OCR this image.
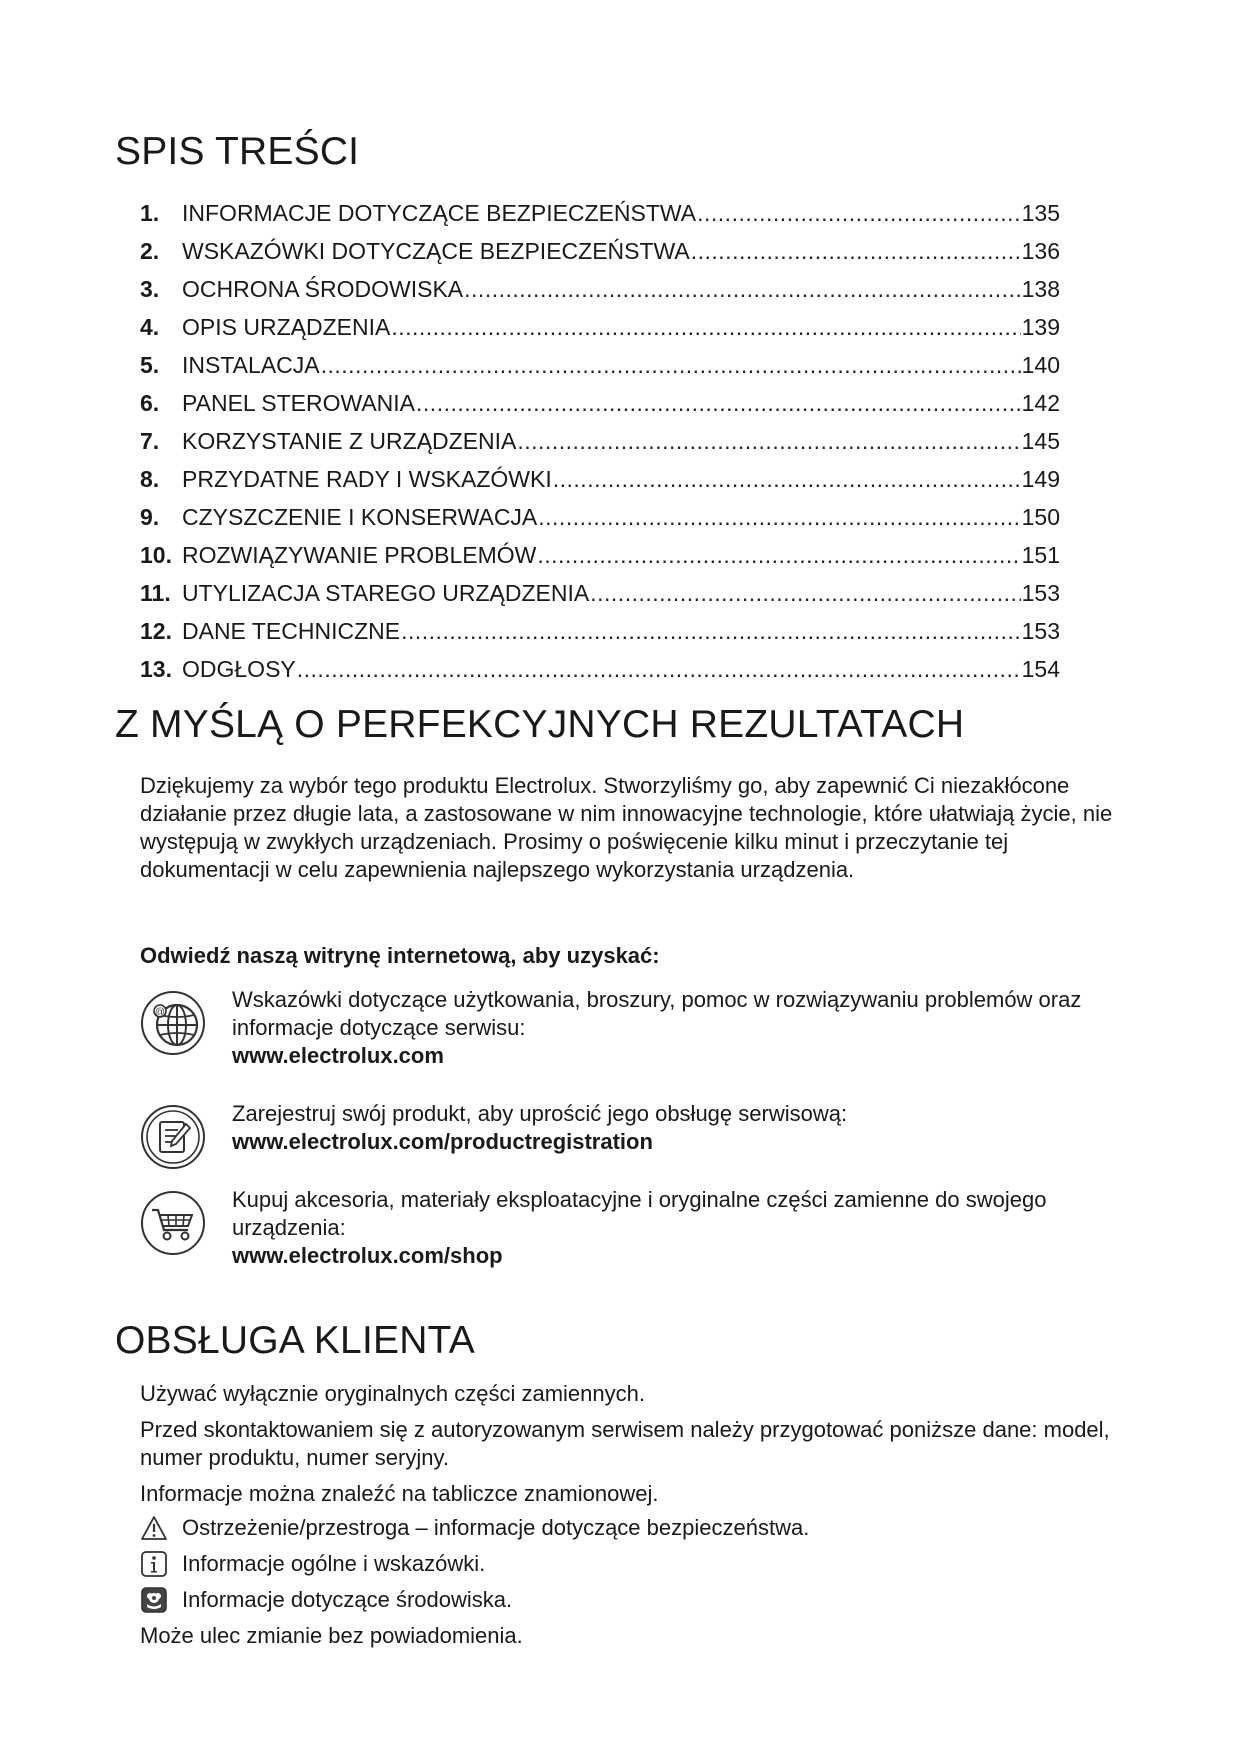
SPIS TREŚCI
1. INFORMACJE DOTYCZĄCE BEZPIECZEŃSTWA .....	135
2. WSKAZÓWKI DOTYCZĄCE BEZPIECZEŃSTWA .....	136
3. OCHRONA ŚRODOWISKA .....	138
4. OPIS URZĄDZENIA .....	139
5. INSTALACJA .....	140
6. PANEL STEROWANIA .....	142
7. KORZYSTANIE Z URZĄDZENIA .....	145
8. PRZYDATNE RADY I WSKAZÓWKI .....	149
9. CZYSZCZENIE I KONSERWACJA .....	150
10. ROZWIĄZYWANIE PROBLEMÓW .....	151
11. UTYLIZACJA STAREGO URZĄDZENIA .....	153
12. DANE TECHNICZNE .....	153
13. ODGŁOSY .....	154
Z MYŚLĄ O PERFEKCYJNYCH REZULTATACH

Dziękujemy za wybór tego produktu Electrolux. Stworzyliśmy go, aby zapewnić Ci niezakłócone działanie przez długie lata, a zastosowane w nim innowacyjne technologie, które ułatwiają życie, nie występują w zwykłych urządzeniach. Prosimy o poświęcenie kilku minut i przeczytanie tej dokumentacji w celu zapewnienia najlepszego wykorzystania urządzenia.

Odwiedź naszą witrynę internetową, aby uzyskać:

@
Wskazówki dotyczące użytkowania, broszury, pomoc w rozwiązywaniu problemów oraz informacje dotyczące serwisu:
www.electrolux.com
Zarejestruj swój produkt, aby uprościć jego obsługę serwisową:
www.electrolux.com/productregistration
Kupuj akcesoria, materiały eksploatacyjne i oryginalne części zamienne do swojego urządzenia:
www.electrolux.com/shop
OBSŁUGA KLIENTA

Używać wyłącznie oryginalnych części zamiennych.

Przed skontaktowaniem się z autoryzowanym serwisem należy przygotować poniższe dane: model, numer produktu, numer seryjny.

Informacje można znaleźć na tabliczce znamionowej.

Ostrzeżenie/przestroga – informacje dotyczące bezpieczeństwa.
Informacje ogólne i wskazówki.
Informacje dotyczące środowiska.

Może ulec zmianie bez powiadomienia.
